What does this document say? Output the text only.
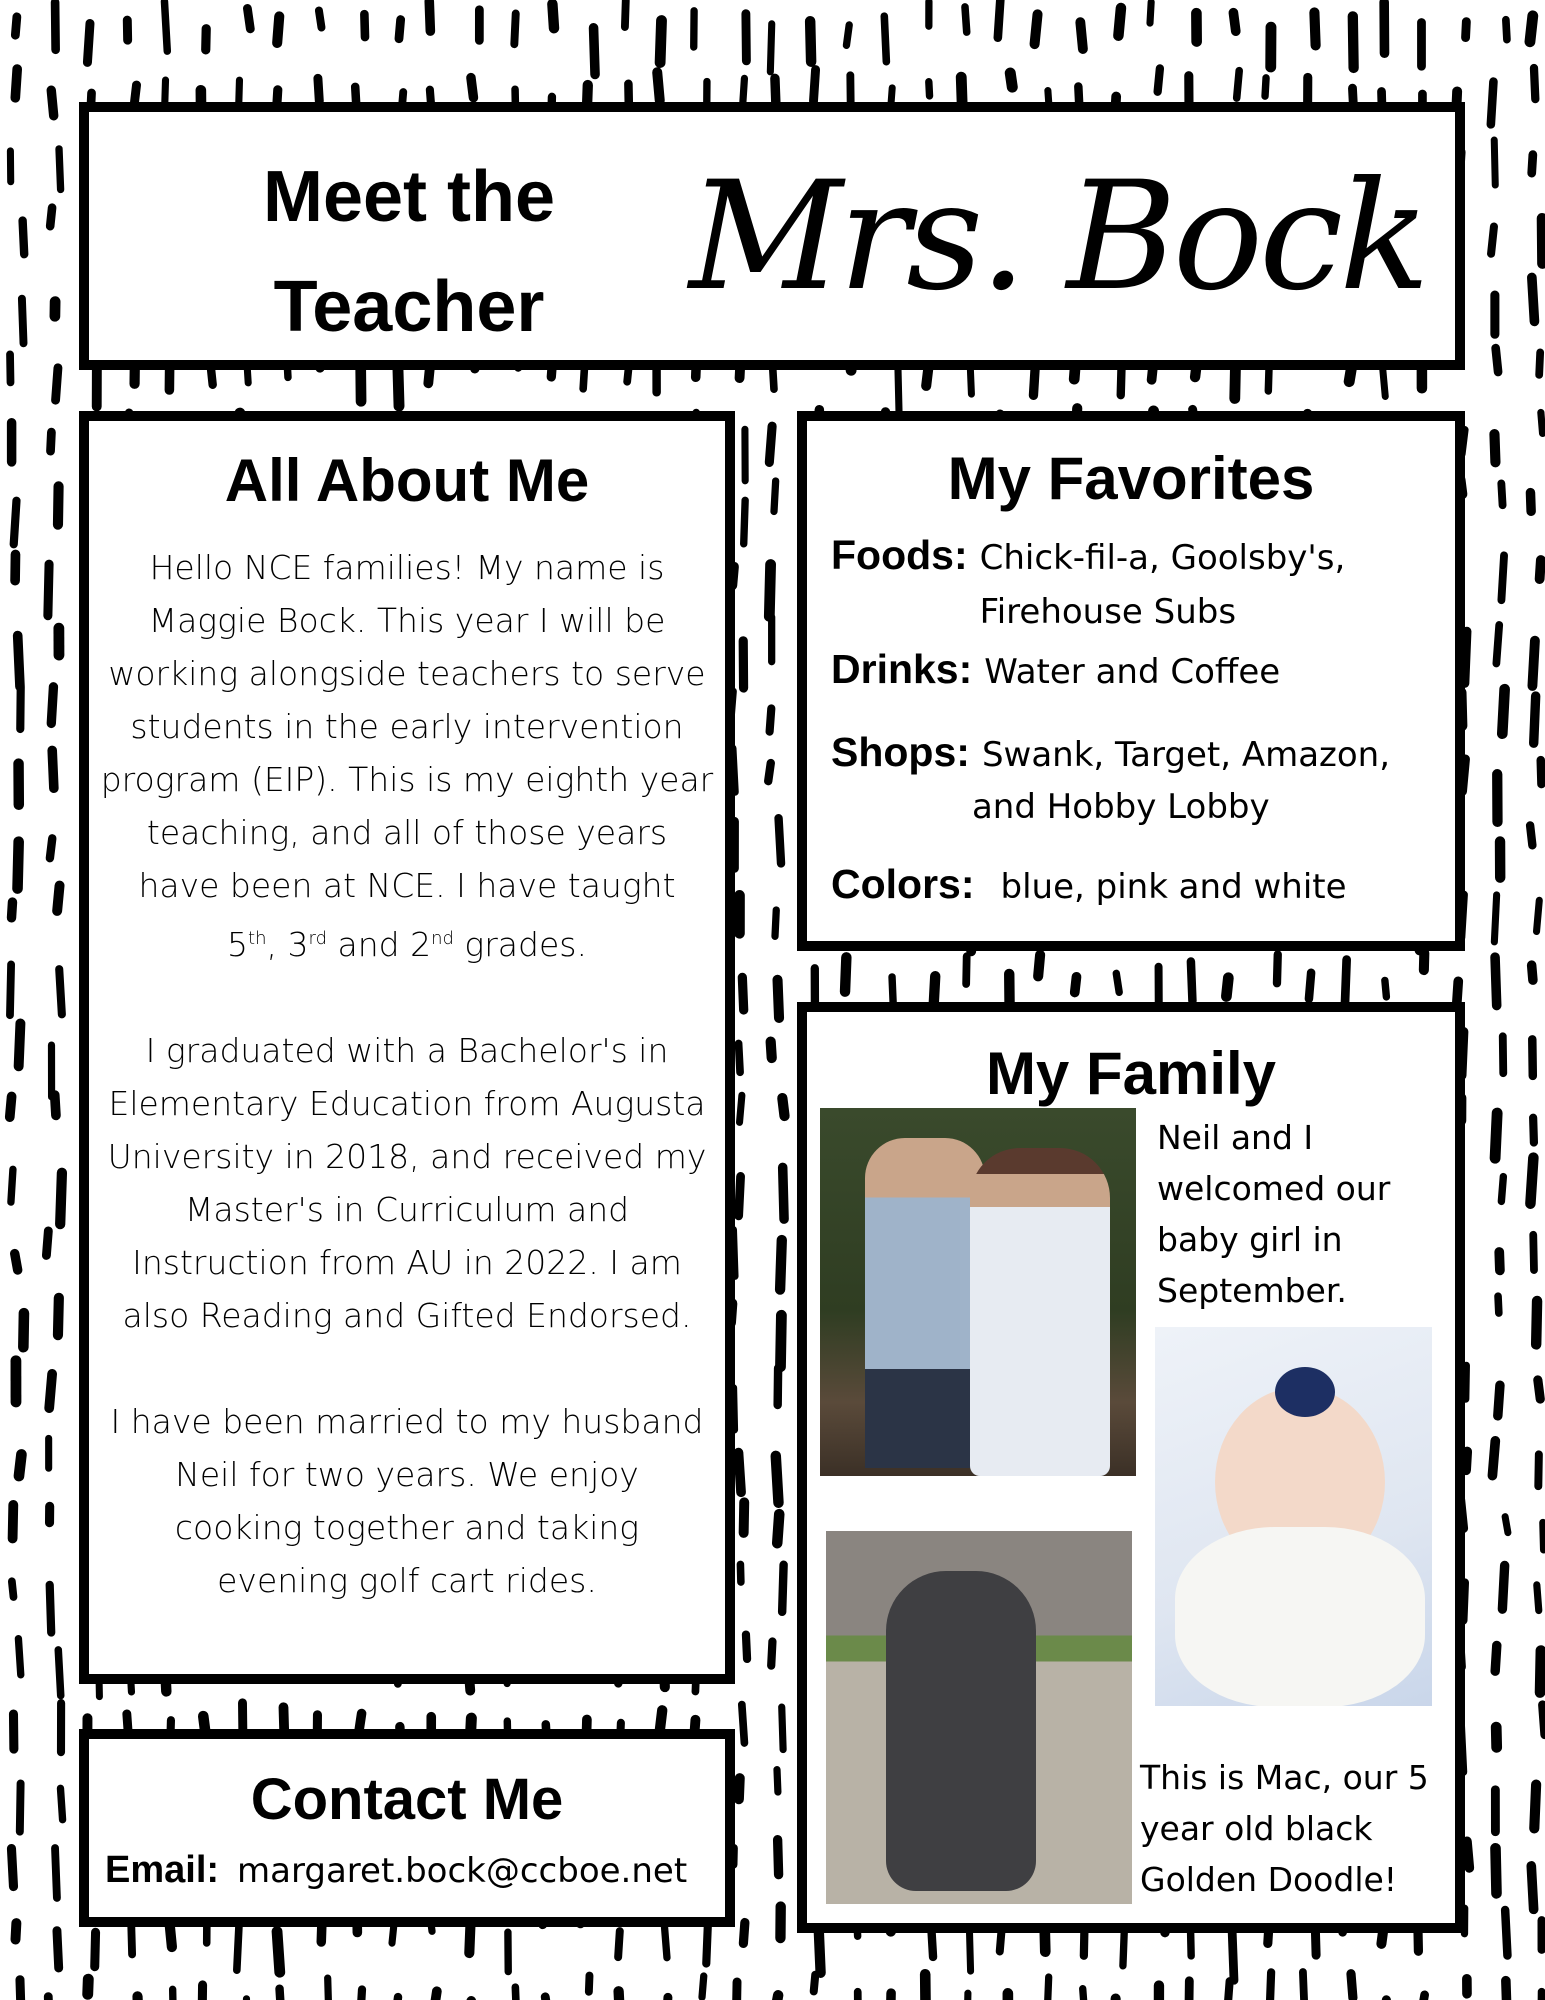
Meet the
Teacher Mrs. Bock
All About Me
Hello NCE families! My name is
Maggie Bock. This year I will be
working alongside teachers to serve
students in the early intervention
program (EIP). This is my eighth year
teaching, and all of those years
have been at NCE. I have taught
5th, 3rd and 2nd grades.
I graduated with a Bachelor's in
Elementary Education from Augusta
University in 2018, and received my
Master's in Curriculum and
Instruction from AU in 2022. I am
also Reading and Gifted Endorsed.
I have been married to my husband
Neil for two years. We enjoy
cooking together and taking
evening golf cart rides.
Contact Me
Email: margaret.bock@ccboe.net
My Favorites
Foods: Chick-fil-a, Goolsby's,
Firehouse Subs
Drinks: Water and Coffee
Shops: Swank, Target, Amazon,
and Hobby Lobby
Colors: blue, pink and white
My Family
Neil and I
welcomed our
baby girl in
September.
This is Mac, our 5
year old black
Golden Doodle!
